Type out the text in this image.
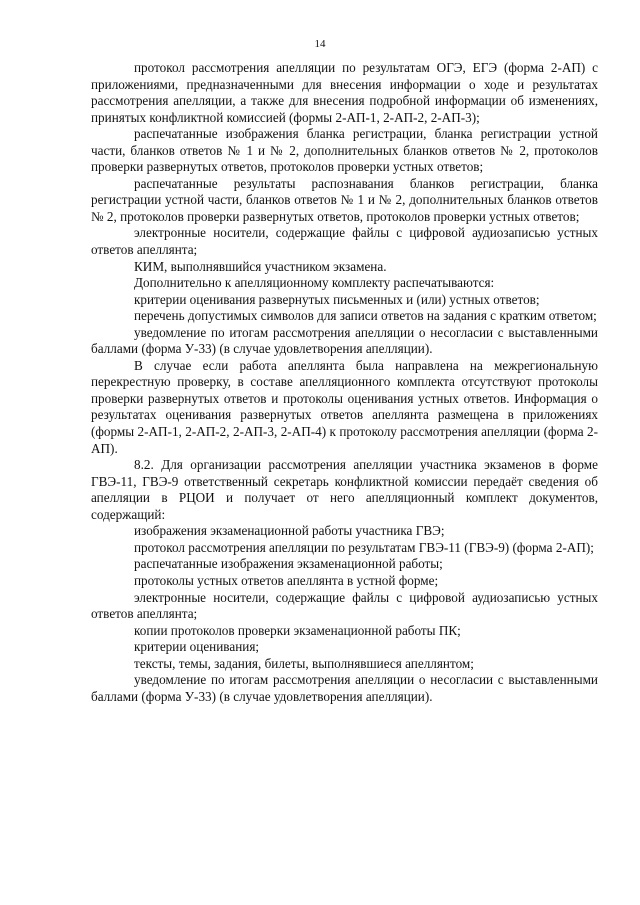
14

протокол рассмотрения апелляции по результатам ОГЭ, ЕГЭ (форма 2-АП) с приложениями, предназначенными для внесения информации о ходе и результатах рассмотрения апелляции, а также для внесения подробной информации об изменениях, принятых конфликтной комиссией (формы 2-АП-1, 2-АП-2, 2-АП-3);

распечатанные изображения бланка регистрации, бланка регистрации устной части, бланков ответов № 1 и № 2, дополнительных бланков ответов № 2, протоколов проверки развернутых ответов, протоколов проверки устных ответов;

распечатанные результаты распознавания бланков регистрации, бланка регистрации устной части, бланков ответов № 1 и № 2, дополнительных бланков ответов № 2, протоколов проверки развернутых ответов, протоколов проверки устных ответов;

электронные носители, содержащие файлы с цифровой аудиозаписью устных ответов апеллянта;

КИМ, выполнявшийся участником экзамена.

Дополнительно к апелляционному комплекту распечатываются:

критерии оценивания развернутых письменных и (или) устных ответов;

перечень допустимых символов для записи ответов на задания с кратким ответом;

уведомление по итогам рассмотрения апелляции о несогласии с выставленными баллами (форма У-33) (в случае удовлетворения апелляции).

В случае если работа апеллянта была направлена на межрегиональную перекрестную проверку, в составе апелляционного комплекта отсутствуют протоколы проверки развернутых ответов и протоколы оценивания устных ответов. Информация о результатах оценивания развернутых ответов апеллянта размещена в приложениях (формы 2-АП-1, 2-АП-2, 2-АП-3, 2-АП-4) к протоколу рассмотрения апелляции (форма 2-АП).

8.2. Для организации рассмотрения апелляции участника экзаменов в форме ГВЭ-11, ГВЭ-9 ответственный секретарь конфликтной комиссии передаёт сведения об апелляции в РЦОИ и получает от него апелляционный комплект документов, содержащий:

изображения экзаменационной работы участника ГВЭ;

протокол рассмотрения апелляции по результатам ГВЭ-11 (ГВЭ-9) (форма 2-АП);

распечатанные изображения экзаменационной работы;

протоколы устных ответов апеллянта в устной форме;

электронные носители, содержащие файлы с цифровой аудиозаписью устных ответов апеллянта;

копии протоколов проверки экзаменационной работы ПК;

критерии оценивания;

тексты, темы, задания, билеты, выполнявшиеся апеллянтом;

уведомление по итогам рассмотрения апелляции о несогласии с выставленными баллами (форма У-33) (в случае удовлетворения апелляции).
